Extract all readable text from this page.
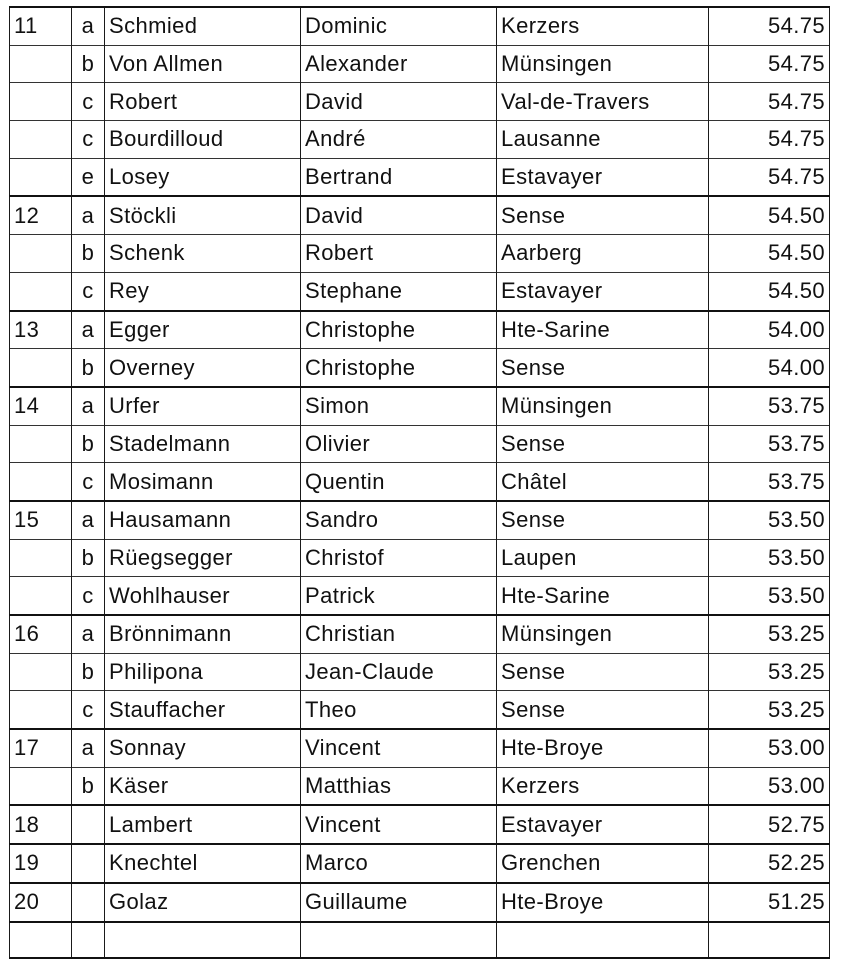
11	a	Schmied	Dominic	Kerzers	54.75
	b	Von Allmen	Alexander	Münsingen	54.75
	c	Robert	David	Val-de-Travers	54.75
	c	Bourdilloud	André	Lausanne	54.75
	e	Losey	Bertrand	Estavayer	54.75
12	a	Stöckli	David	Sense	54.50
	b	Schenk	Robert	Aarberg	54.50
	c	Rey	Stephane	Estavayer	54.50
13	a	Egger	Christophe	Hte-Sarine	54.00
	b	Overney	Christophe	Sense	54.00
14	a	Urfer	Simon	Münsingen	53.75
	b	Stadelmann	Olivier	Sense	53.75
	c	Mosimann	Quentin	Châtel	53.75
15	a	Hausamann	Sandro	Sense	53.50
	b	Rüegsegger	Christof	Laupen	53.50
	c	Wohlhauser	Patrick	Hte-Sarine	53.50
16	a	Brönnimann	Christian	Münsingen	53.25
	b	Philipona	Jean-Claude	Sense	53.25
	c	Stauffacher	Theo	Sense	53.25
17	a	Sonnay	Vincent	Hte-Broye	53.00
	b	Käser	Matthias	Kerzers	53.00
18		Lambert	Vincent	Estavayer	52.75
19		Knechtel	Marco	Grenchen	52.25
20		Golaz	Guillaume	Hte-Broye	51.25
